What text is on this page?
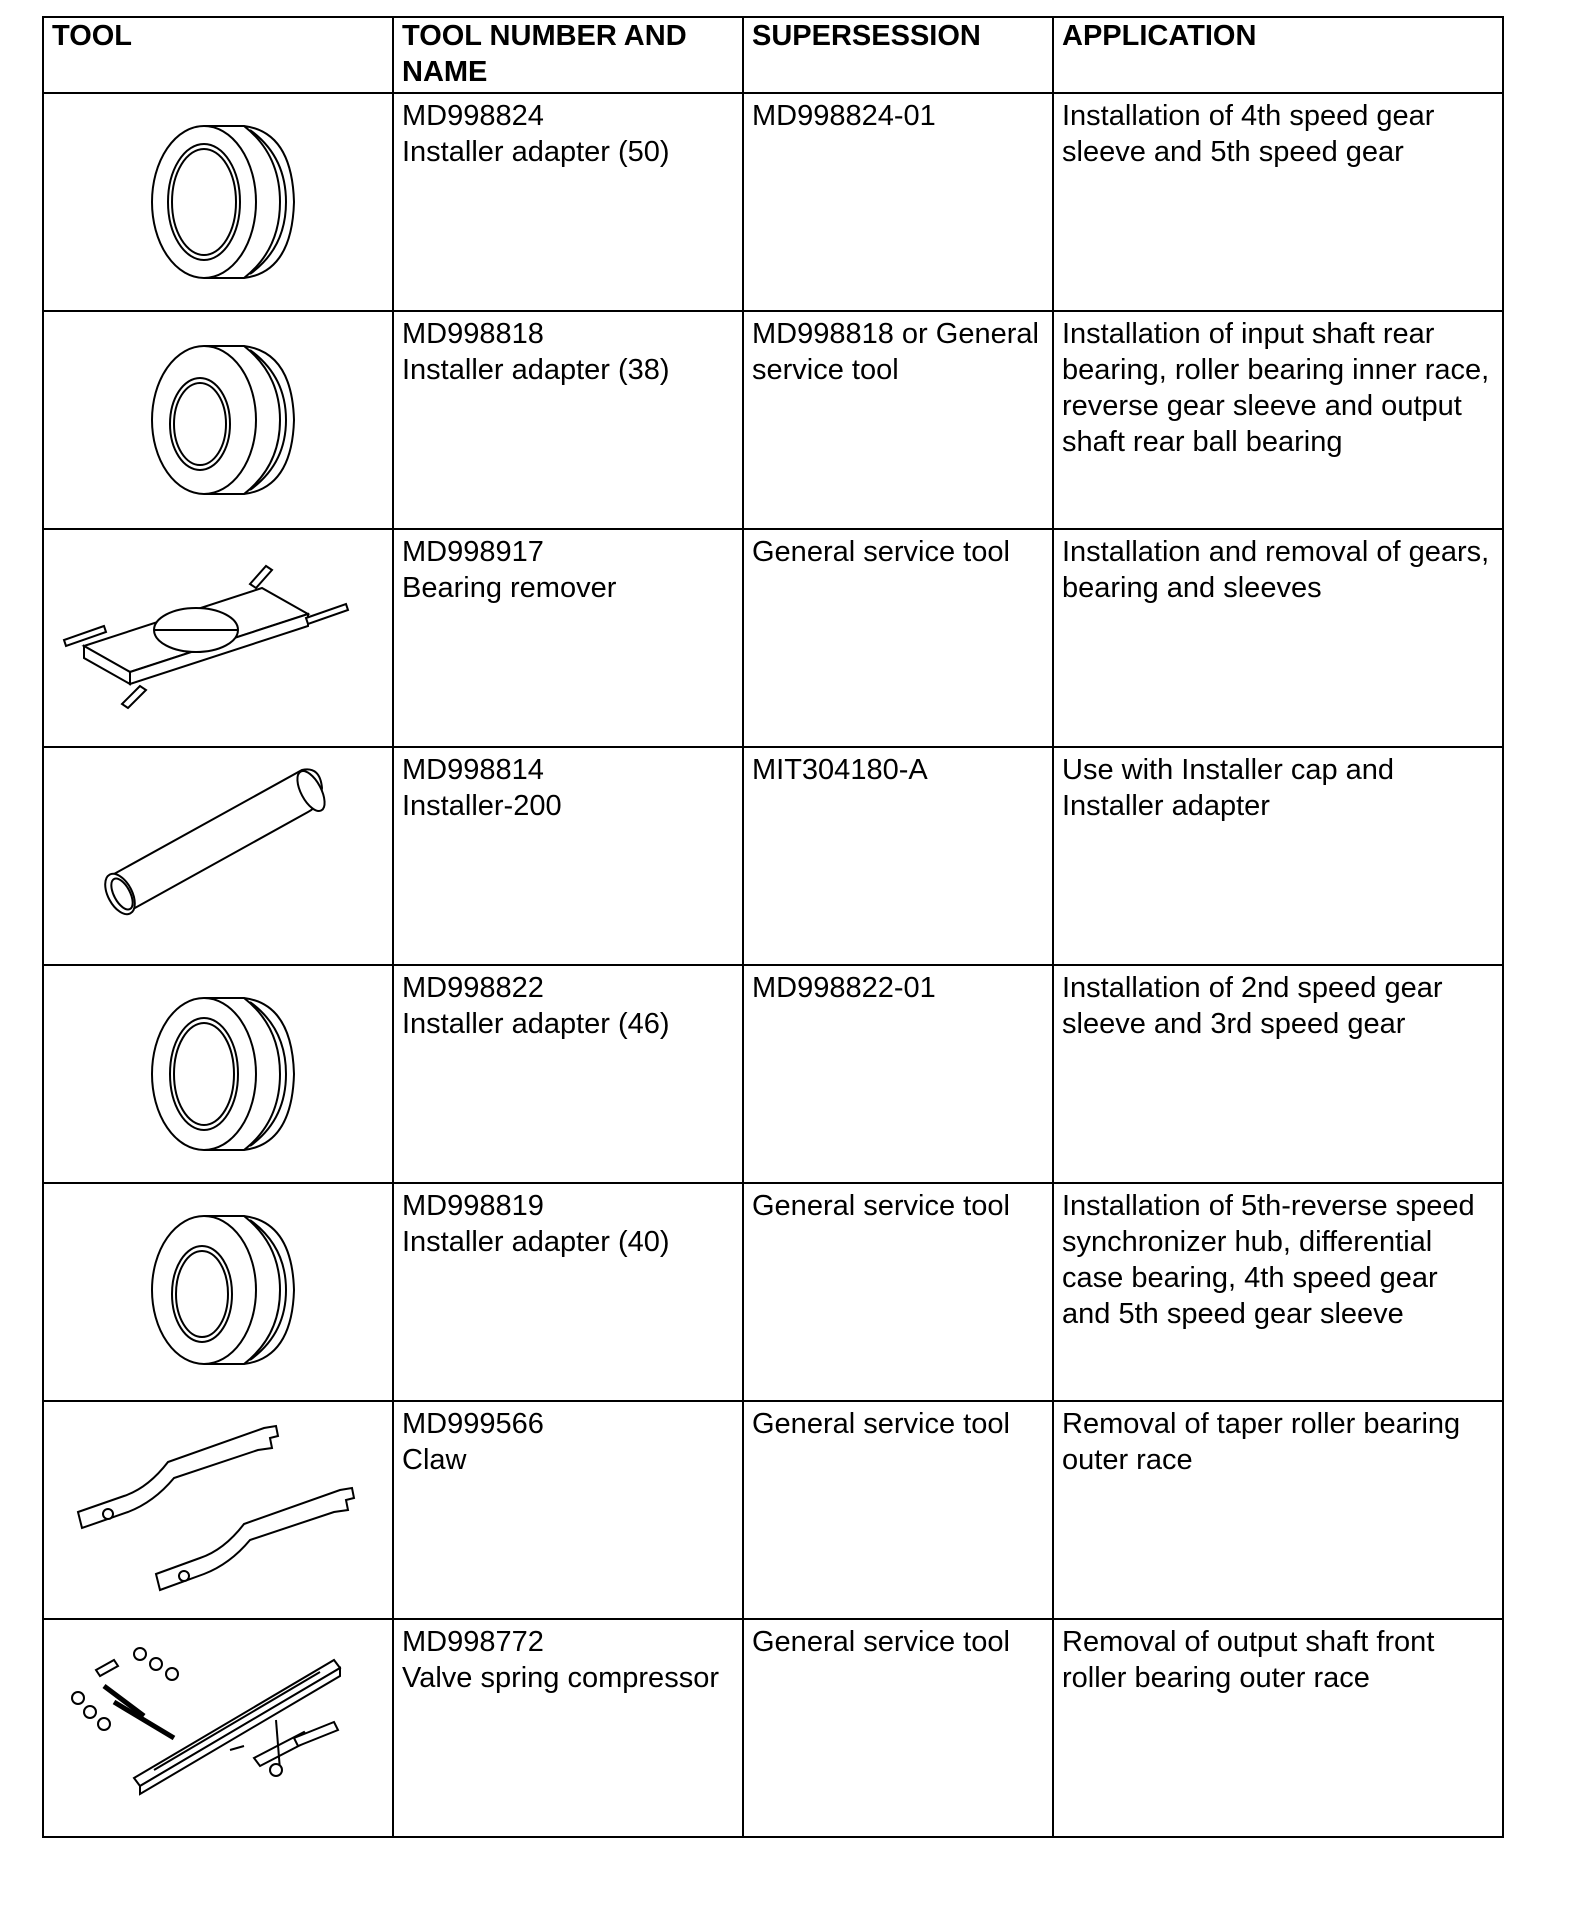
TOOL	TOOL NUMBER AND NAME	SUPERSESSION	APPLICATION

MD998824
Installer adapter (50)	MD998824-01	Installation of 4th speed gear sleeve and 5th speed gear

MD998818
Installer adapter (38)	MD998818 or General service tool	Installation of input shaft rear bearing, roller bearing inner race, reverse gear sleeve and output shaft rear ball bearing

MD998917
Bearing remover	General service tool	Installation and removal of gears, bearing and sleeves

MD998814
Installer-200	MIT304180-A	Use with Installer cap and Installer adapter

MD998822
Installer adapter (46)	MD998822-01	Installation of 2nd speed gear sleeve and 3rd speed gear

MD998819
Installer adapter (40)	General service tool	Installation of 5th-reverse speed synchronizer hub, differential case bearing, 4th speed gear and 5th speed gear sleeve

MD999566
Claw	General service tool	Removal of taper roller bearing outer race

MD998772
Valve spring compressor	General service tool	Removal of output shaft front roller bearing outer race
